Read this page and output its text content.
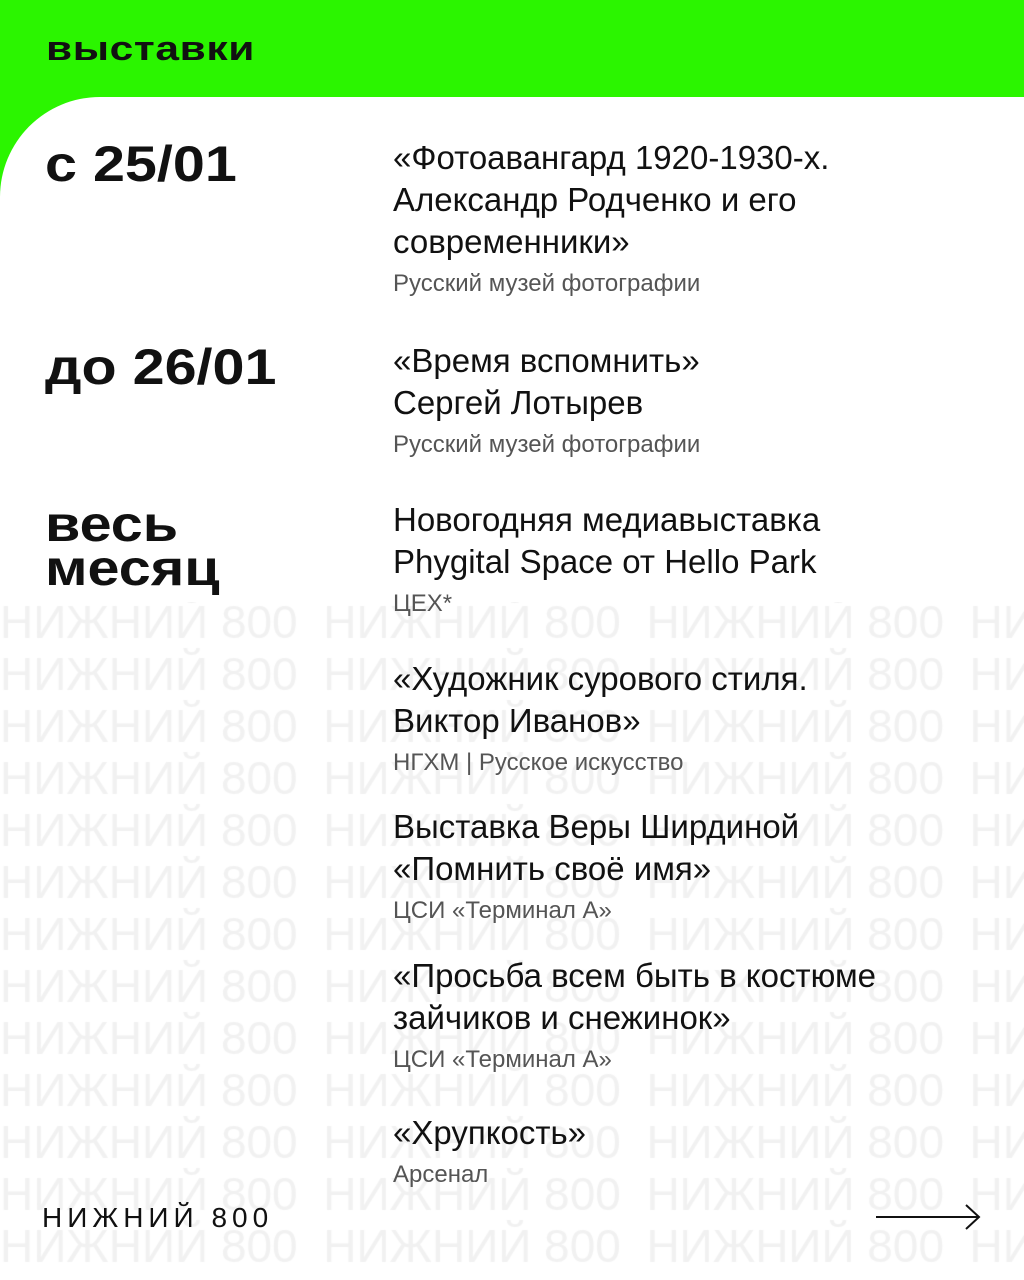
выставки
с 25/01
до 26/01
весь месяц
«Фотоавангард 1920-1930-х. Александр Родченко и его современники»
Русский музей фотографии
«Время вспомнить» Сергей Лотырев
Русский музей фотографии
Новогодняя медиавыставка Phygital Space от Hello Park
ЦЕХ*
«Художник сурового стиля. Виктор Иванов»
НГХМ | Русское искусство
Выставка Веры Ширдиной «Помнить своё имя»
ЦСИ «Терминал А»
«Просьба всем быть в костюме зайчиков и снежинок»
ЦСИ «Терминал А»
«Хрупкость»
Арсенал
НИЖНИЙ 800
